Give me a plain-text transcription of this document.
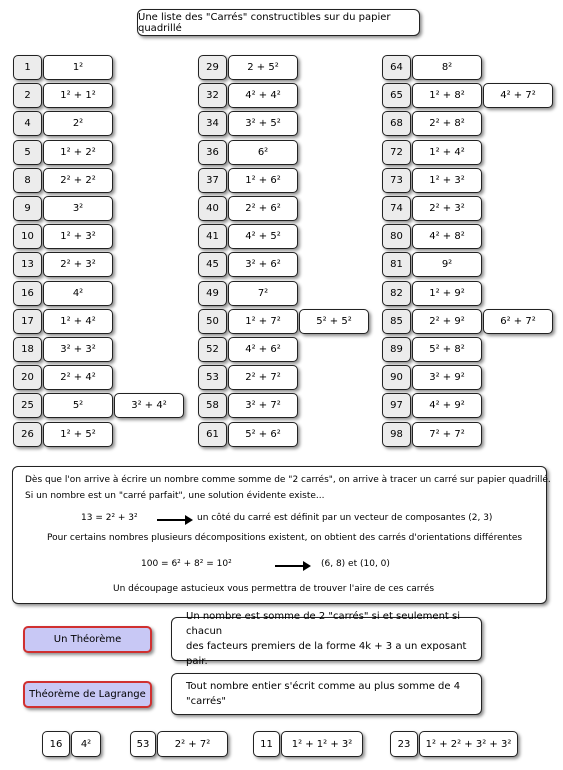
Une liste des "Carrés" constructibles sur du papier quadrillé
1	1²
2	1² + 1²
4	2²
5	1² + 2²
8	2² + 2²
9	3²
10	1² + 3²
13	2² + 3²
16	4²
17	1² + 4²
18	3² + 3²
20	2² + 4²
25	5²	3² + 4²
26	1² + 5²
29	2 + 5²
32	4² + 4²
34	3² + 5²
36	6²
37	1² + 6²
40	2² + 6²
41	4² + 5²
45	3² + 6²
49	7²
50	1² + 7²	5² + 5²
52	4² + 6²
53	2² + 7²
58	3² + 7²
61	5² + 6²
64	8²
65	1² + 8²	4² + 7²
68	2² + 8²
72	1² + 4²
73	1² + 3²
74	2² + 3²
80	4² + 8²
81	9²
82	1² + 9²
85	2² + 9²	6² + 7²
89	5² + 8²
90	3² + 9²
97	4² + 9²
98	7² + 7²
Dès que l'on arrive à écrire un nombre comme somme de "2 carrés", on arrive à tracer un carré sur papier quadrillé.
Si un nombre est un "carré parfait", une solution évidente existe...
13 = 2² + 3²	un côté du carré est définit par un vecteur de composantes (2, 3)
Pour certains nombres plusieurs décompositions existent, on obtient des carrés d'orientations différentes
100 = 6² + 8² = 10²	(6, 8) et (10, 0)
Un découpage astucieux vous permettra de trouver l'aire de ces carrés
Un Théorème
Un nombre est somme de 2 "carrés" si et seulement si chacun
des facteurs premiers de la forme 4k + 3 a un exposant pair.
Théorème de Lagrange
Tout nombre entier s'écrit comme au plus somme de 4 "carrés"
16	4²	53	2² + 7²	11	1² + 1² + 3²	23	1² + 2² + 3² + 3²
